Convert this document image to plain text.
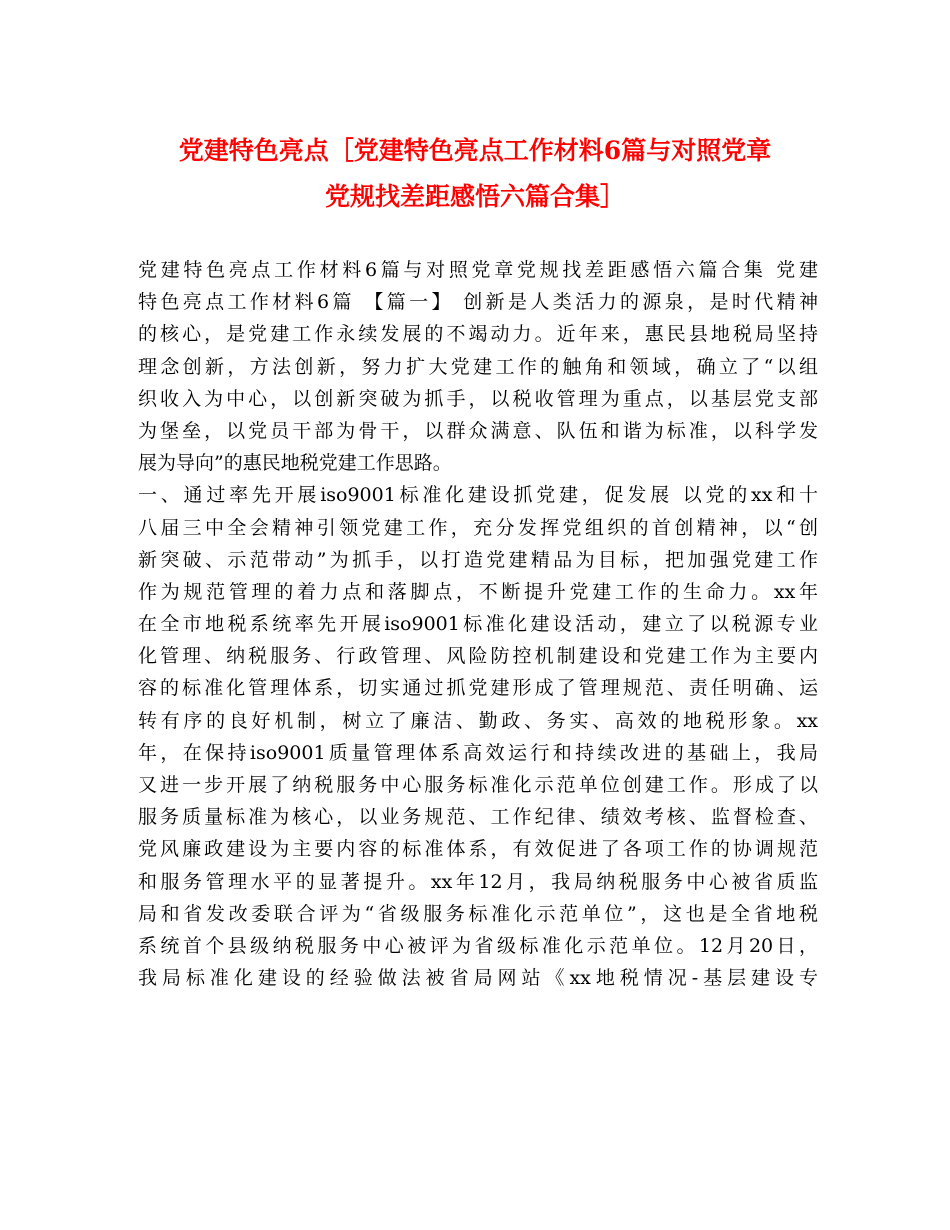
党建特色亮点［党建特色亮点工作材料6篇与对照党章
党规找差距感悟六篇合集］
党建特色亮点工作材料6篇与对照党章党规找差距感悟六篇合集 党建
特色亮点工作材料6篇 【篇一】 创新是人类活力的源泉，是时代精神
的核心，是党建工作永续发展的不竭动力。近年来，惠民县地税局坚持
理念创新，方法创新，努力扩大党建工作的触角和领域，确立了“以组
织收入为中心，以创新突破为抓手，以税收管理为重点，以基层党支部
为堡垒，以党员干部为骨干，以群众满意、队伍和谐为标准，以科学发
展为导向”的惠民地税党建工作思路。
一、通过率先开展iso9001标准化建设抓党建，促发展 以党的xx和十
八届三中全会精神引领党建工作，充分发挥党组织的首创精神，以“创
新突破、示范带动”为抓手，以打造党建精品为目标，把加强党建工作
作为规范管理的着力点和落脚点，不断提升党建工作的生命力。xx年
在全市地税系统率先开展iso9001标准化建设活动，建立了以税源专业
化管理、纳税服务、行政管理、风险防控机制建设和党建工作为主要内
容的标准化管理体系，切实通过抓党建形成了管理规范、责任明确、运
转有序的良好机制，树立了廉洁、勤政、务实、高效的地税形象。xx
年，在保持iso9001质量管理体系高效运行和持续改进的基础上，我局
又进一步开展了纳税服务中心服务标准化示范单位创建工作。形成了以
服务质量标准为核心，以业务规范、工作纪律、绩效考核、监督检查、
党风廉政建设为主要内容的标准体系，有效促进了各项工作的协调规范
和服务管理水平的显著提升。xx年12月，我局纳税服务中心被省质监
局和省发改委联合评为“省级服务标准化示范单位”，这也是全省地税
系统首个县级纳税服务中心被评为省级标准化示范单位。12月20日，
我局标准化建设的经验做法被省局网站《xx地税情况-基层建设专
